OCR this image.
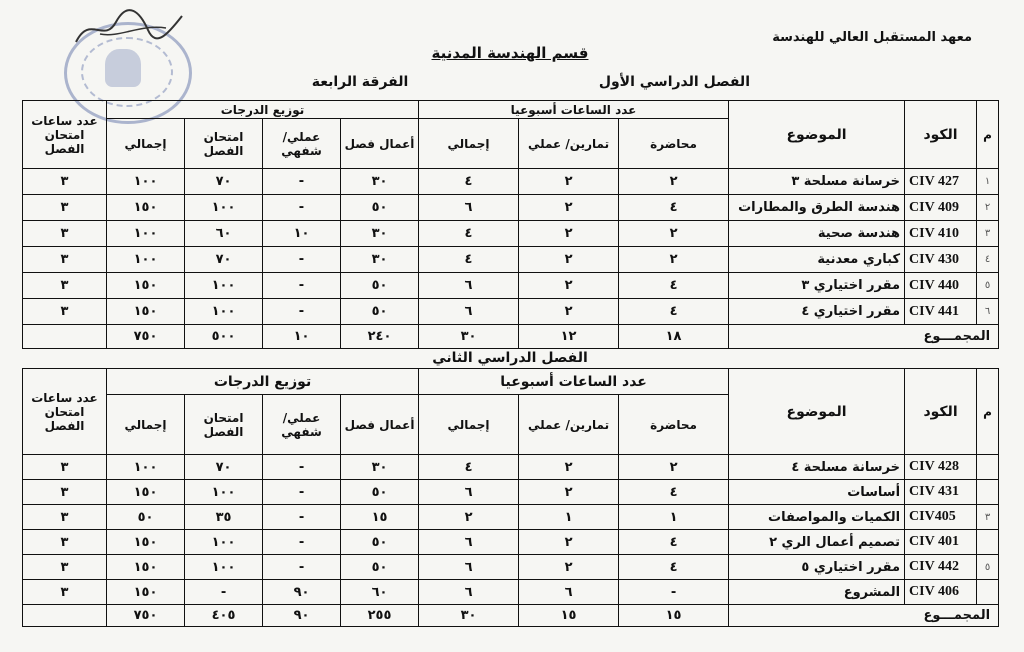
معهد المستقبل العالي للهندسة
قسم الهندسة المدنية
الفصل الدراسي الأول
الفرقة الرابعة
م	الكود	الموضوع	عدد الساعات أسبوعيا			توزيع الدرجات				عدد ساعات امتحان الفصل
			محاضرة	تمارين/ عملي	إجمالي	أعمال فصل	عملي/ شفهي	امتحان الفصل	إجمالي	
١	CIV 427	خرسانة مسلحة ٣	٢	٢	٤	٣٠	-	٧٠	١٠٠	٣
٢	CIV 409	هندسة الطرق والمطارات	٤	٢	٦	٥٠	-	١٠٠	١٥٠	٣
٣	CIV 410	هندسة صحية	٢	٢	٤	٣٠	١٠	٦٠	١٠٠	٣
٤	CIV 430	كباري معدنية	٢	٢	٤	٣٠	-	٧٠	١٠٠	٣
٥	CIV 440	مقرر اختياري ٣	٤	٢	٦	٥٠	-	١٠٠	١٥٠	٣
٦	CIV 441	مقرر اختياري ٤	٤	٢	٦	٥٠	-	١٠٠	١٥٠	٣
المجمـــوع			١٨	١٢	٣٠	٢٤٠	١٠	٥٠٠	٧٥٠	
الفصل الدراسي الثاني
م	الكود	الموضوع	عدد الساعات أسبوعيا			توزيع الدرجات				عدد ساعات امتحان الفصل
			محاضرة	تمارين/ عملي	إجمالي	أعمال فصل	عملي/ شفهي	امتحان الفصل	إجمالي	
	CIV 428	خرسانة مسلحة ٤	٢	٢	٤	٣٠	-	٧٠	١٠٠	٣
	CIV 431	أساسات	٤	٢	٦	٥٠	-	١٠٠	١٥٠	٣
٣	CIV405	الكميات والمواصفات	١	١	٢	١٥	-	٣٥	٥٠	٣
	CIV 401	تصميم أعمال الري ٢	٤	٢	٦	٥٠	-	١٠٠	١٥٠	٣
٥	CIV 442	مقرر اختياري ٥	٤	٢	٦	٥٠	-	١٠٠	١٥٠	٣
	CIV 406	المشروع	-	٦	٦	٦٠	٩٠	-	١٥٠	٣
المجمـــوع			١٥	١٥	٣٠	٢٥٥	٩٠	٤٠٥	٧٥٠	
